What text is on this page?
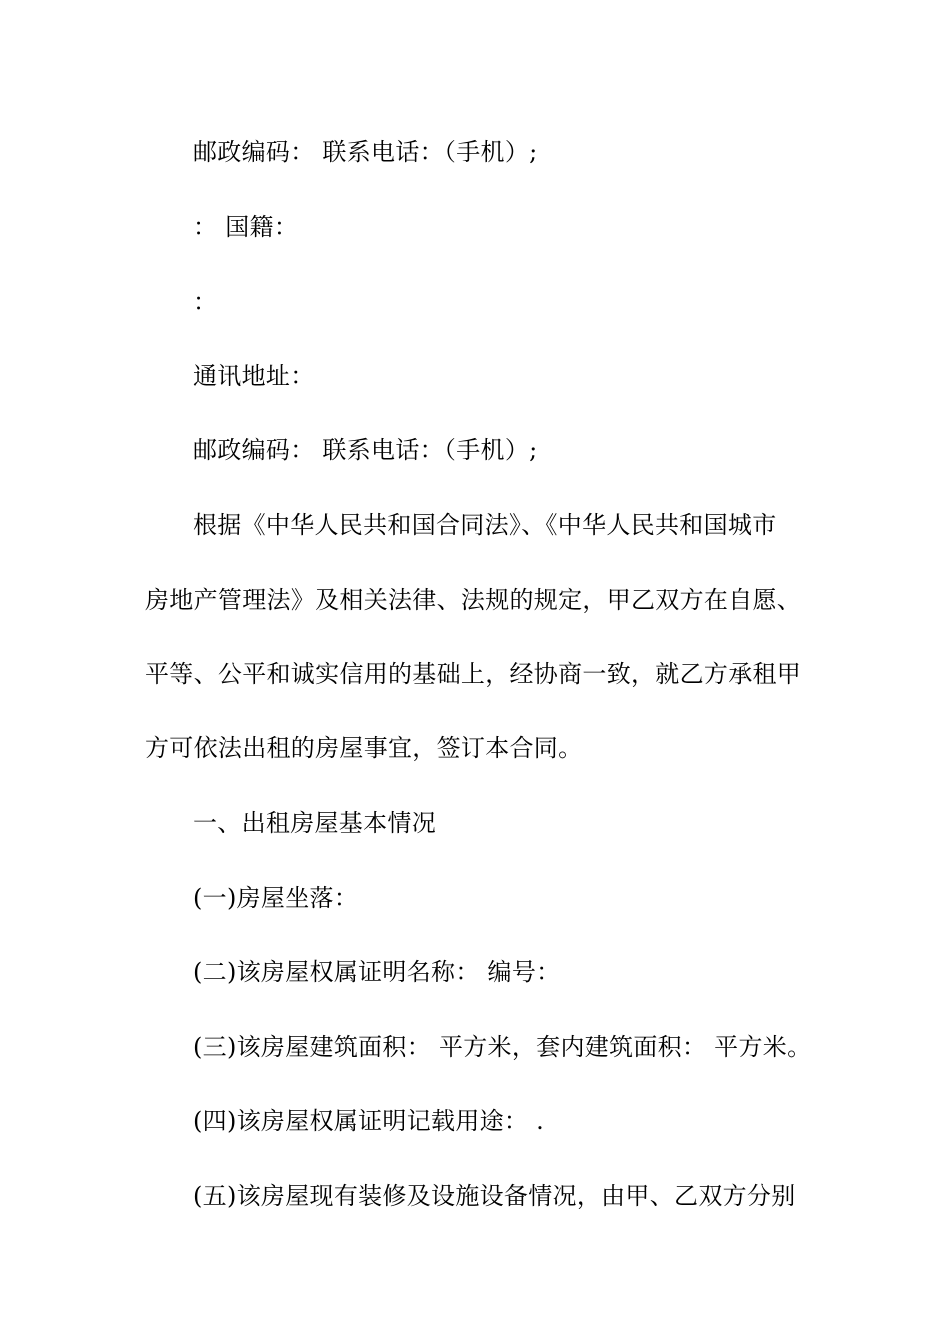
邮政编码： 联系电话：（手机）;
： 国籍：
：
通讯地址：
邮政编码： 联系电话：（手机）;
根据《中华人民共和国合同法》、《中华人民共和国城市
房地产管理法》及相关法律、法规的规定，甲乙双方在自愿、
平等、公平和诚实信用的基础上，经协商一致，就乙方承租甲
方可依法出租的房屋事宜，签订本合同。
一、出租房屋基本情况
(一)房屋坐落：
(二)该房屋权属证明名称： 编号：
(三)该房屋建筑面积： 平方米，套内建筑面积： 平方米。
(四)该房屋权属证明记载用途： .
(五)该房屋现有装修及设施设备情况，由甲、乙双方分别
